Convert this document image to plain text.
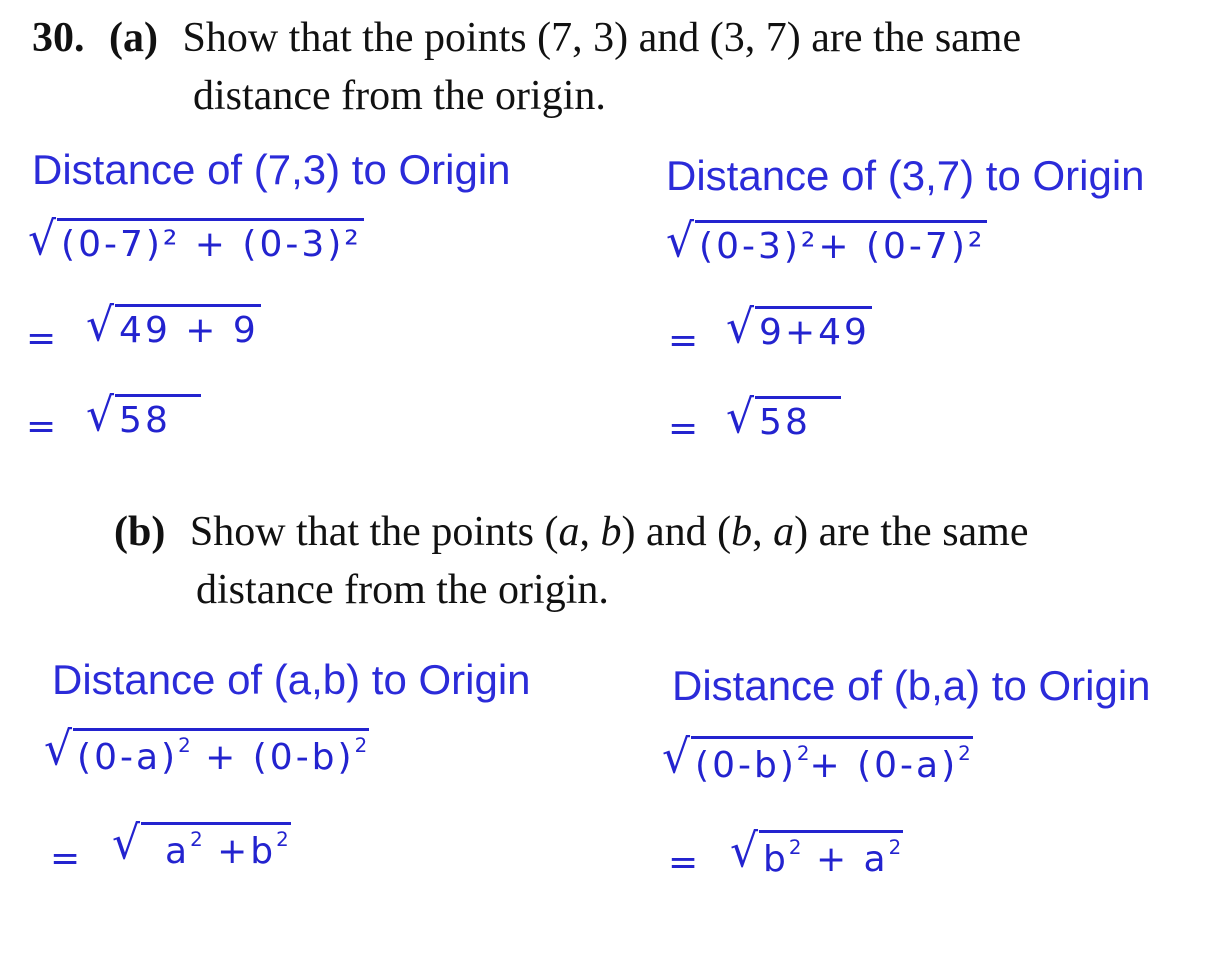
30. (a) Show that the points (7, 3) and (3, 7) are the same
distance from the origin.
Distance of (7,3) to Origin
√ (0-7)² + (0-3)²
= √ 49 + 9
= √ 58
Distance of (3,7) to Origin
√ (0-3)²+ (0-7)²
= √ 9+49
= √ 58
(b) Show that the points (a, b) and (b, a) are the same
distance from the origin.
Distance of (a,b) to Origin
√ $(0-a)^2 + (0-b)^2$
= √ $a^2 +b^2$
Distance of (b,a) to Origin
√ $(0-b)^2+ (0-a)^2$
= √ $b^2 + a^2$
